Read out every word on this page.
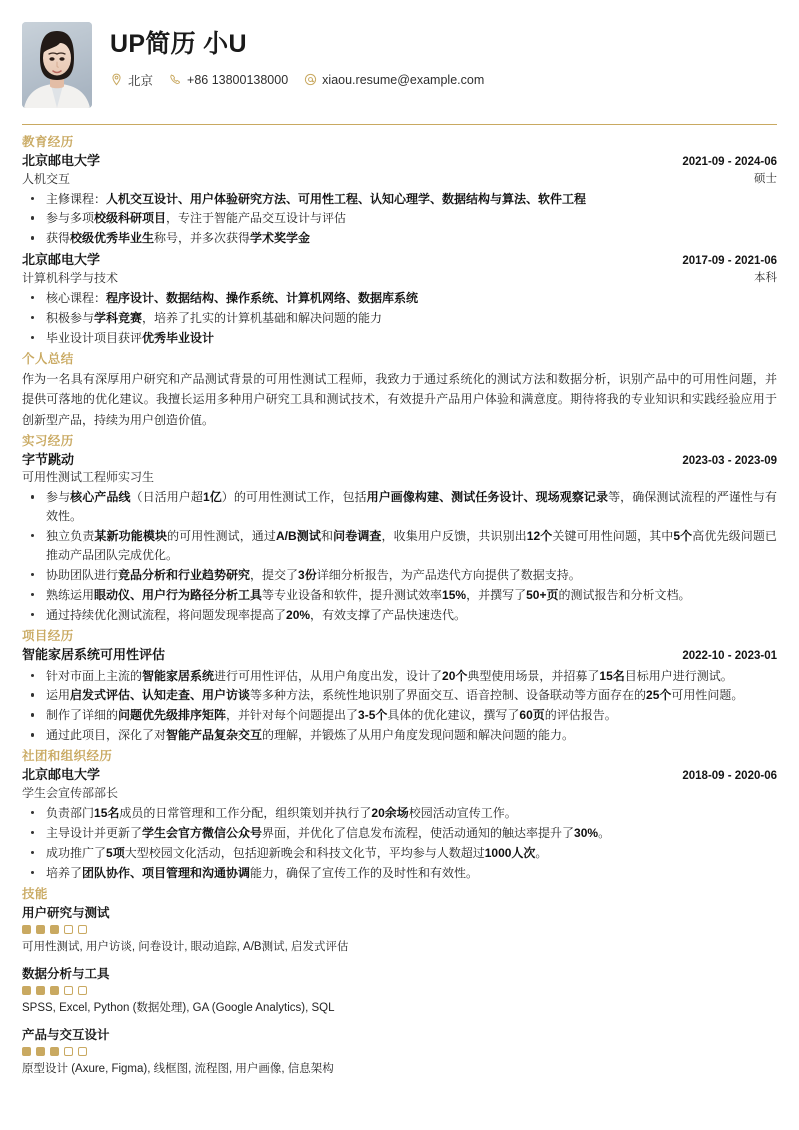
UP简历 小U
北京	+86 13800138000	xiaou.resume@example.com
教育经历
北京邮电大学
人机交互
2021-09 - 2024-06
硕士
主修课程：人机交互设计、用户体验研究方法、可用性工程、认知心理学、数据结构与算法、软件工程
参与多项校级科研项目，专注于智能产品交互设计与评估
获得校级优秀毕业生称号，并多次获得学术奖学金
北京邮电大学
计算机科学与技术
2017-09 - 2021-06
本科
核心课程：程序设计、数据结构、操作系统、计算机网络、数据库系统
积极参与学科竞赛，培养了扎实的计算机基础和解决问题的能力
毕业设计项目获评优秀毕业设计
个人总结
作为一名具有深厚用户研究和产品测试背景的可用性测试工程师，我致力于通过系统化的测试方法和数据分析，识别产品中的可用性问题，并提供可落地的优化建议。我擅长运用多种用户研究工具和测试技术，有效提升产品用户体验和满意度。期待将我的专业知识和实践经验应用于创新型产品，持续为用户创造价值。
实习经历
字节跳动
可用性测试工程师实习生
2023-03 - 2023-09
参与核心产品线（日活用户超1亿）的可用性测试工作，包括用户画像构建、测试任务设计、现场观察记录等，确保测试流程的严谨性与有效性。
独立负责某新功能模块的可用性测试，通过A/B测试和问卷调查，收集用户反馈，共识别出12个关键可用性问题，其中5个高优先级问题已推动产品团队完成优化。
协助团队进行竞品分析和行业趋势研究，提交了3份详细分析报告，为产品迭代方向提供了数据支持。
熟练运用眼动仪、用户行为路径分析工具等专业设备和软件，提升测试效率15%，并撰写了50+页的测试报告和分析文档。
通过持续优化测试流程，将问题发现率提高了20%，有效支撑了产品快速迭代。
项目经历
智能家居系统可用性评估	2022-10 - 2023-01
针对市面上主流的智能家居系统进行可用性评估，从用户角度出发，设计了20个典型使用场景，并招募了15名目标用户进行测试。
运用启发式评估、认知走查、用户访谈等多种方法，系统性地识别了界面交互、语音控制、设备联动等方面存在的25个可用性问题。
制作了详细的问题优先级排序矩阵，并针对每个问题提出了3-5个具体的优化建议，撰写了60页的评估报告。
通过此项目，深化了对智能产品复杂交互的理解，并锻炼了从用户角度发现问题和解决问题的能力。
社团和组织经历
北京邮电大学
学生会宣传部部长
2018-09 - 2020-06
负责部门15名成员的日常管理和工作分配，组织策划并执行了20余场校园活动宣传工作。
主导设计并更新了学生会官方微信公众号界面，并优化了信息发布流程，使活动通知的触达率提升了30%。
成功推广了5项大型校园文化活动，包括迎新晚会和科技文化节，平均参与人数超过1000人次。
培养了团队协作、项目管理和沟通协调能力，确保了宣传工作的及时性和有效性。
技能
用户研究与测试
可用性测试, 用户访谈, 问卷设计, 眼动追踪, A/B测试, 启发式评估
数据分析与工具
SPSS, Excel, Python (数据处理), GA (Google Analytics), SQL
产品与交互设计
原型设计 (Axure, Figma), 线框图, 流程图, 用户画像, 信息架构
